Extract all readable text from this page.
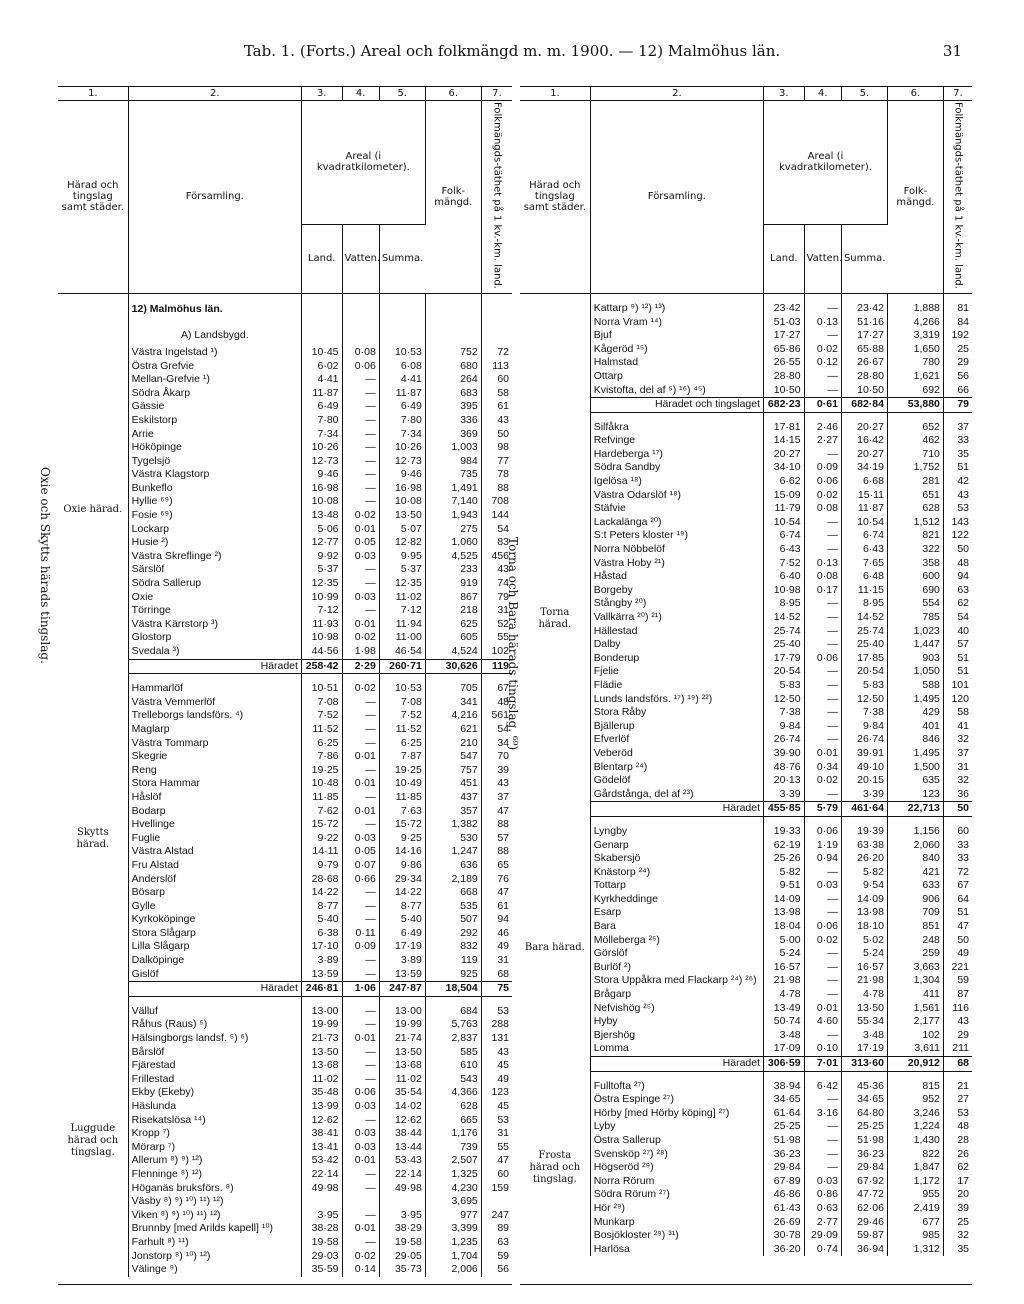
Tab. 1. (Forts.) Areal och folkmängd m. m. 1900. — 12) Malmöhus län.	31
1.	2.	3.	4.	5.	6.	7.
Härad och tingslag samt städer.	Församling.	Areal (i kvadratkilometer).			Folk-mängd.	Folkmängds-täthet på 1 kv.-km. land.
		Land.	Vatten.	Summa.		
	12) Malmöhus län.					
	A) Landsbygd.					
Oxie härad.	Västra Ingelstad ¹)	10·45	0·08	10·53	752	72
	Östra Grefvie	6·02	0·06	6·08	680	113
	Mellan-Grefvie ¹)	4·41	—	4·41	264	60
	Södra Åkarp	11·87	—	11·87	683	58
	Gässie	6·49	—	6·49	395	61
	Eskilstorp	7·80	—	7·80	336	43
	Arrie	7·34	—	7·34	369	50
	Hököpinge	10·26	—	10·26	1,003	98
	Tygelsjö	12·73	—	12·73	984	77
	Västra Klagstorp	9·46	—	9·46	735	78
	Bunkeflo	16·98	—	16·98	1,491	88
	Hyllie ⁶⁹)	10·08	—	10·08	7,140	708
	Fosie ⁶⁹)	13·48	0·02	13·50	1,943	144
	Lockarp	5·06	0·01	5·07	275	54
	Husie ²)	12·77	0·05	12·82	1,060	83
	Västra Skreflinge ²)	9·92	0·03	9·95	4,525	456
	Särslöf	5·37	—	5·37	233	43
	Södra Sallerup	12·35	—	12·35	919	74
	Oxie	10·99	0·03	11·02	867	79
	Törringe	7·12	—	7·12	218	31
	Västra Kärrstorp ³)	11·93	0·01	11·94	625	52
	Glostorp	10·98	0·02	11·00	605	55
	Svedala ³)	44·56	1·98	46·54	4,524	102
	Häradet	258·42	2·29	260·71	30,626	119

Skytts härad.	Hammarlöf	10·51	0·02	10·53	705	67
	Västra Vemmerlöf	7·08	—	7·08	341	48
	Trelleborgs landsförs. ⁴)	7·52	—	7·52	4,216	561
	Maglarp	11·52	—	11·52	621	54
	Västra Tommarp	6·25	—	6·25	210	34
	Skegrie	7·86	0·01	7·87	547	70
	Reng	19·25	—	19·25	757	39
	Stora Hammar	10·48	0·01	10·49	451	43
	Håslöf	11·85	—	11·85	437	37
	Bodarp	7·62	0·01	7·63	357	47
	Hvellinge	15·72	—	15·72	1,382	88
	Fuglie	9·22	0·03	9·25	530	57
	Västra Alstad	14·11	0·05	14·16	1,247	88
	Fru Alstad	9·79	0·07	9·86	636	65
	Anderslöf	28·68	0·66	29·34	2,189	76
	Bösarp	14·22	—	14·22	668	47
	Gylle	8·77	—	8·77	535	61
	Kyrkoköpinge	5·40	—	5·40	507	94
	Stora Slågarp	6·38	0·11	6·49	292	46
	Lilla Slågarp	17·10	0·09	17·19	832	49
	Dalköpinge	3·89	—	3·89	119	31
	Gislöf	13·59	—	13·59	925	68
	Häradet	246·81	1·06	247·87	18,504	75

Luggude härad och tingslag.	Välluf	13·00	—	13·00	684	53
	Råhus (Raus) ⁵)	19·99	—	19·99	5,763	288
	Hälsingborgs landsf. ⁵) ⁶)	21·73	0·01	21·74	2,837	131
	Bårslöf	13·50	—	13·50	585	43
	Fjärestad	13·68	—	13·68	610	45
	Frillestad	11·02	—	11·02	543	49
	Ekby (Ekeby)	35·48	0·06	35·54	4,366	123
	Häslunda	13·99	0·03	14·02	628	45
	Risekatslösa ¹⁴)	12·62	—	12·62	665	53
	Kropp ⁷)	38·41	0·03	38·44	1,176	31
	Mörarp ⁷)	13·41	0·03	13·44	739	55
	Allerum ⁸) ⁹) ¹²)	53·42	0·01	53·43	2,507	47
	Flenninge ⁸) ¹²)	22·14	—	22·14	1,325	60
	Höganäs bruksförs. ⁸)	49·98	—	49·98	4,230	159
	Väsby ⁸) ⁹) ¹⁰) ¹¹) ¹²)				3,695	
	Viken ⁸) ⁹) ¹⁰) ¹¹) ¹²)	3·95	—	3·95	977	247
	Brunnby [med Arilds kapell] ¹⁰)	38·28	0·01	38·29	3,399	89
	Farhult ⁸) ¹¹)	19·58	—	19·58	1,235	63
	Jonstorp ⁸) ¹⁰) ¹²)	29·03	0·02	29·05	1,704	59
	Välinge ⁹)	35·59	0·14	35·73	2,006	56
Oxie och Skytts härads tingslag.
1.	2.	3.	4.	5.	6.	7.
Härad och tingslag samt städer.	Församling.	Areal (i kvadratkilometer).			Folk-mängd.	Folkmängds-täthet på 1 kv.-km. land.
		Land.	Vatten.	Summa.		

	Kattarp ⁹) ¹²) ¹³)	23·42	—	23·42	1,888	81
	Norra Vram ¹⁴)	51·03	0·13	51·16	4,266	84
	Bjuf	17·27	—	17·27	3,319	192
	Kågeröd ¹⁵)	65·86	0·02	65·88	1,650	25
	Halmstad	26·55	0·12	26·67	780	29
	Ottarp	28·80	—	28·80	1,621	56
	Kvistofta, del af ⁵) ¹⁶) ⁴⁵)	10·50	—	10·50	692	66
	Häradet och tingslaget	682·23	0·61	682·84	53,880	79

Torna härad.	Silfåkra	17·81	2·46	20·27	652	37
	Refvinge	14·15	2·27	16·42	462	33
	Hardeberga ¹⁷)	20·27	—	20·27	710	35
	Södra Sandby	34·10	0·09	34·19	1,752	51
	Igelösa ¹⁸)	6·62	0·06	6·68	281	42
	Västra Odarslöf ¹⁸)	15·09	0·02	15·11	651	43
	Stäfvie	11·79	0·08	11·87	628	53
	Lackalänga ²⁰)	10·54	—	10·54	1,512	143
	S:t Peters kloster ¹⁹)	6·74	—	6·74	821	122
	Norra Nöbbelöf	6·43	—	6·43	322	50
	Västra Hoby ²¹)	7·52	0·13	7·65	358	48
	Håstad	6·40	0·08	6·48	600	94
	Borgeby	10·98	0·17	11·15	690	63
	Stångby ²⁰)	8·95	—	8·95	554	62
	Vallkärra ²⁰) ²¹)	14·52	—	14·52	785	54
	Hällestad	25·74	—	25·74	1,023	40
	Dalby	25·40	—	25·40	1,447	57
	Bonderup	17·79	0·06	17·85	903	51
	Fjelie	20·54	—	20·54	1,050	51
	Flädie	5·83	—	5·83	588	101
	Lunds landsförs. ¹⁷) ¹⁹) ²²)	12·50	—	12·50	1,495	120
	Stora Råby	7·38	—	7·38	429	58
	Bjällerup	9·84	—	9·84	401	41
	Efverlöf	26·74	—	26·74	846	32
	Veberöd	39·90	0·01	39·91	1,495	37
	Blentarp ²⁴)	48·76	0·34	49·10	1,500	31
	Gödelöf	20·13	0·02	20·15	635	32
	Gårdstånga, del af ²³)	3·39	—	3·39	123	36
	Häradet	455·85	5·79	461·64	22,713	50

Bara härad.	Lyngby	19·33	0·06	19·39	1,156	60
	Genarp	62·19	1·19	63·38	2,060	33
	Skabersjö	25·26	0·94	26·20	840	33
	Knästorp ²⁴)	5·82	—	5·82	421	72
	Tottarp	9·51	0·03	9·54	633	67
	Kyrkheddinge	14·09	—	14·09	906	64
	Esarp	13·98	—	13·98	709	51
	Bara	18·04	0·06	18·10	851	47
	Mölleberga ²⁵)	5·00	0·02	5·02	248	50
	Görslöf	5·24	—	5·24	259	49
	Burlöf ²)	16·57	—	16·57	3,663	221
	Stora Uppåkra med Flackarp ²⁴) ²⁶)	21·98	—	21·98	1,304	59
	Brågarp	4·78	—	4·78	411	87
	Nefvishög ²⁵)	13·49	0·01	13·50	1,561	116
	Hyby	50·74	4·60	55·34	2,177	43
	Bjershög	3·48	—	3·48	102	29
	Lomma	17·09	0·10	17·19	3,611	211
	Häradet	306·59	7·01	313·60	20,912	68

Frosta härad och tingslag.	Fulltofta ²⁷)	38·94	6·42	45·36	815	21
	Östra Espinge ²⁷)	34·65	—	34·65	952	27
	Hörby [med Hörby köping] ²⁷)	61·64	3·16	64·80	3,246	53
	Lyby	25·25	—	25·25	1,224	48
	Östra Sallerup	51·98	—	51·98	1,430	28
	Svensköp ²⁷) ²⁸)	36·23	—	36·23	822	26
	Högseröd ²⁹)	29·84	—	29·84	1,847	62
	Norra Rörum	67·89	0·03	67·92	1,172	17
	Södra Rörum ²⁷)	46·86	0·86	47·72	955	20
	Hör ²⁹)	61·43	0·63	62·06	2,419	39
	Munkarp	26·69	2·77	29·46	677	25
	Bosjökloster ²⁹) ³¹)	30·78	29·09	59·87	985	32
	Harlösa	36·20	0·74	36·94	1,312	35
Torna och Bara härads tingslag. ⁶⁹)
